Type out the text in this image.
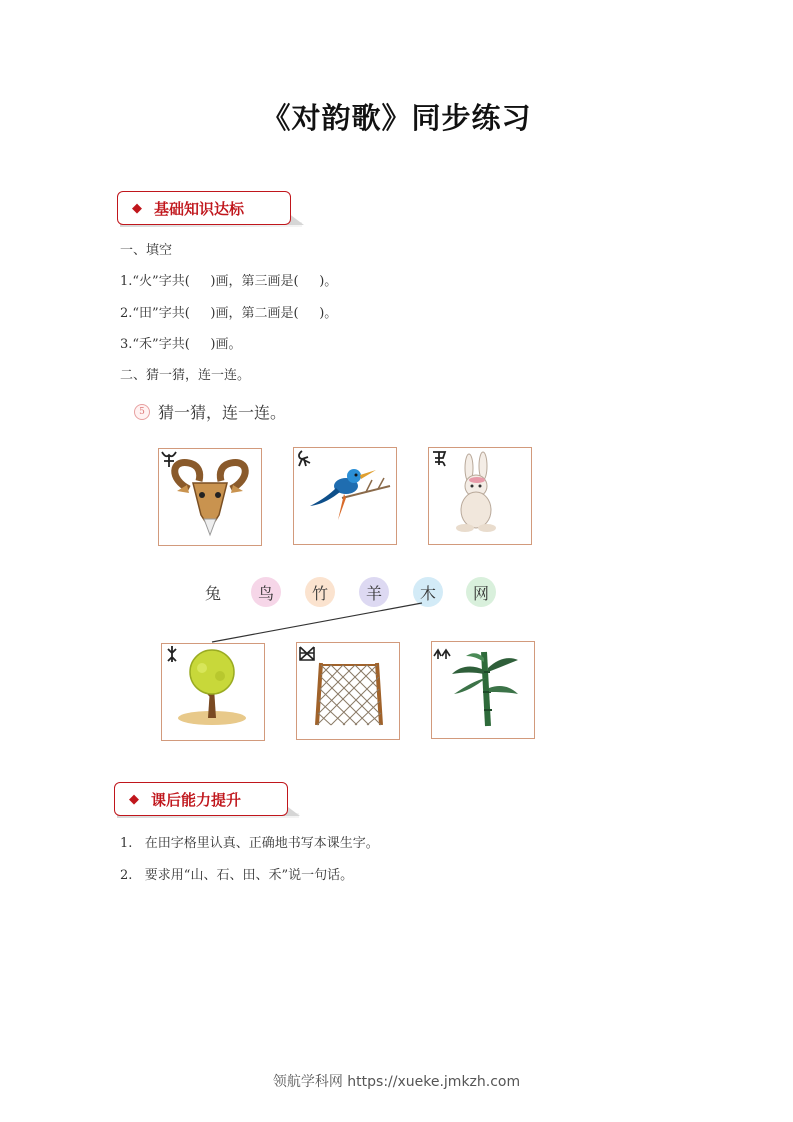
《对韵歌》同步练习
◆ 基础知识达标
一、填空
1.“火”字共(     )画，第三画是(     )。
2.“田”字共(     )画，第二画是(     )。
3.“禾”字共(     )画。
二、猜一猜，连一连。
5 猜一猜，连一连。
兔 鸟 竹 羊 木 网
◆ 课后能力提升
1.   在田字格里认真、正确地书写本课生字。
2.   要求用“山、石、田、禾”说一句话。
领航学科网 https://xueke.jmkzh.com
